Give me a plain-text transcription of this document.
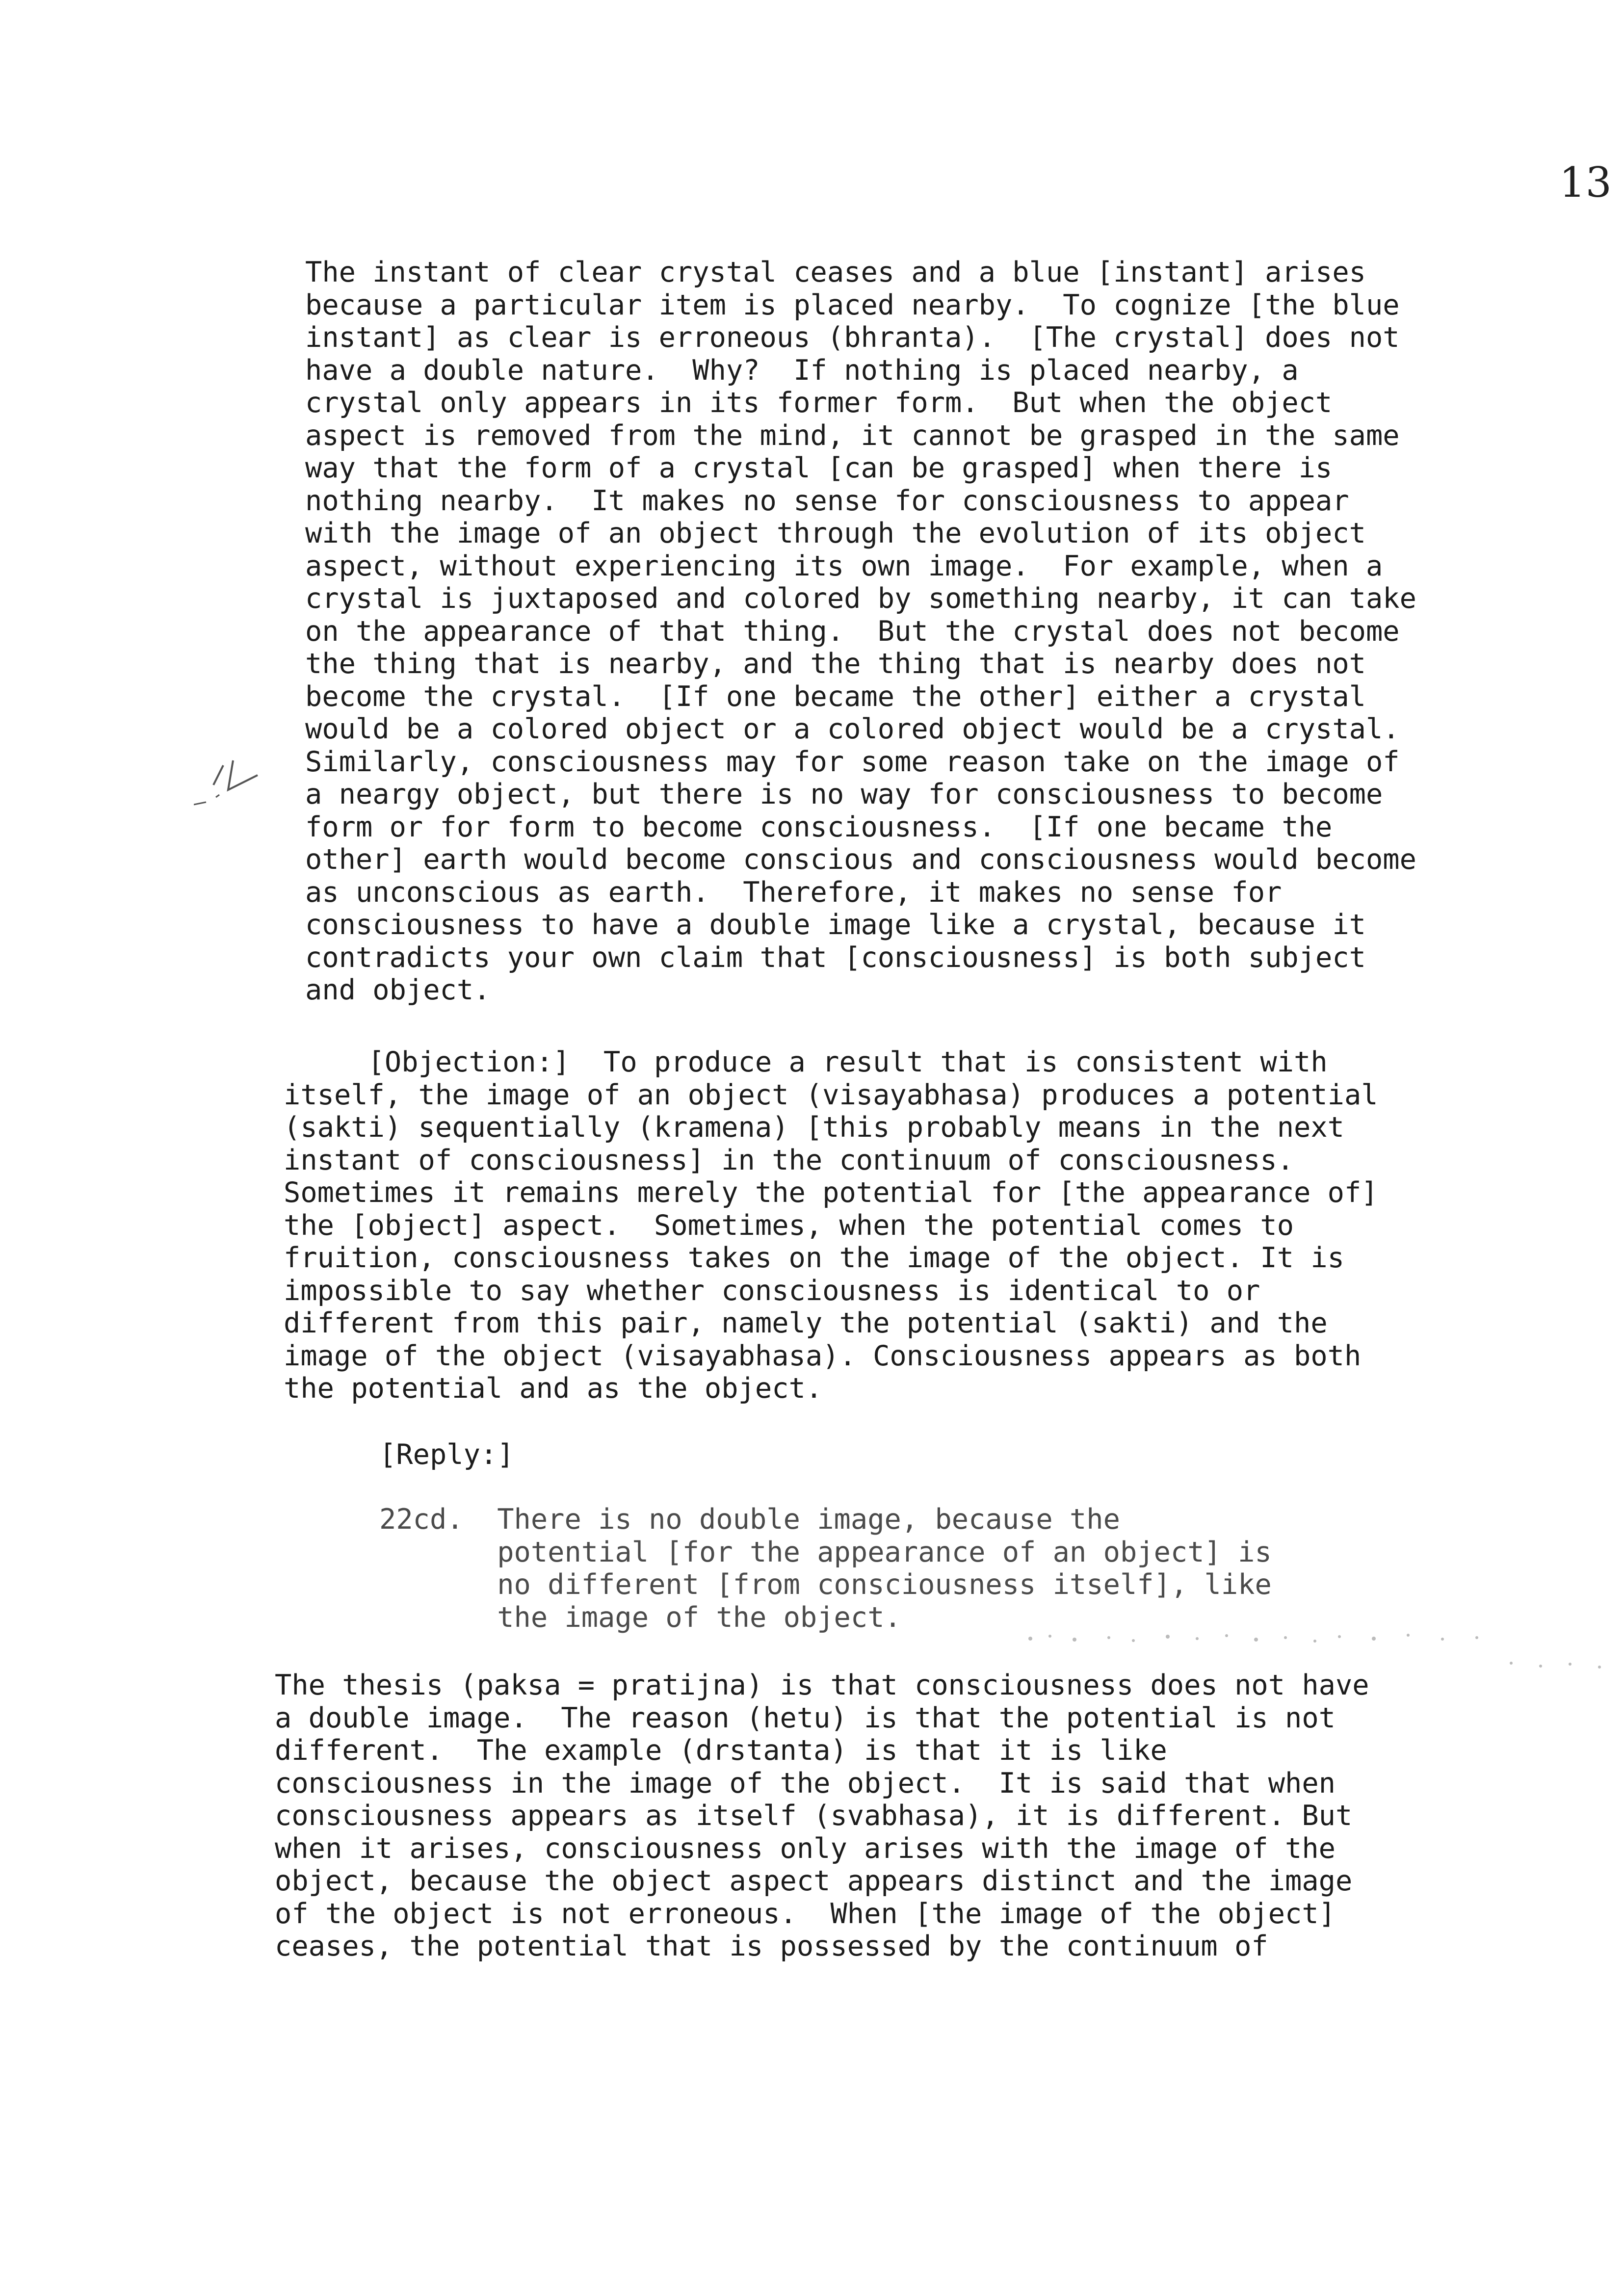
13

The instant of clear crystal ceases and a blue [instant] arises
because a particular item is placed nearby.  To cognize [the blue
instant] as clear is erroneous (bhranta).  [The crystal] does not
have a double nature.  Why?  If nothing is placed nearby, a
crystal only appears in its former form.  But when the object
aspect is removed from the mind, it cannot be grasped in the same
way that the form of a crystal [can be grasped] when there is
nothing nearby.  It makes no sense for consciousness to appear
with the image of an object through the evolution of its object
aspect, without experiencing its own image.  For example, when a
crystal is juxtaposed and colored by something nearby, it can take
on the appearance of that thing.  But the crystal does not become
the thing that is nearby, and the thing that is nearby does not
become the crystal.  [If one became the other] either a crystal
would be a colored object or a colored object would be a crystal.
Similarly, consciousness may for some reason take on the image of
a neargy object, but there is no way for consciousness to become
form or for form to become consciousness.  [If one became the
other] earth would become conscious and consciousness would become
as unconscious as earth.  Therefore, it makes no sense for
consciousness to have a double image like a crystal, because it
contradicts your own claim that [consciousness] is both subject
and object.
[Objection:]  To produce a result that is consistent with
itself, the image of an object (visayabhasa) produces a potential
(sakti) sequentially (kramena) [this probably means in the next
instant of consciousness] in the continuum of consciousness.
Sometimes it remains merely the potential for [the appearance of]
the [object] aspect.  Sometimes, when the potential comes to
fruition, consciousness takes on the image of the object. It is
impossible to say whether consciousness is identical to or
different from this pair, namely the potential (sakti) and the
image of the object (visayabhasa). Consciousness appears as both
the potential and as the object.
[Reply:]
22cd.  There is no double image, because the
potential [for the appearance of an object] is
no different [from consciousness itself], like
the image of the object.
The thesis (paksa = pratijna) is that consciousness does not have
a double image.  The reason (hetu) is that the potential is not
different.  The example (drstanta) is that it is like
consciousness in the image of the object.  It is said that when
consciousness appears as itself (svabhasa), it is different. But
when it arises, consciousness only arises with the image of the
object, because the object aspect appears distinct and the image
of the object is not erroneous.  When [the image of the object]
ceases, the potential that is possessed by the continuum of
